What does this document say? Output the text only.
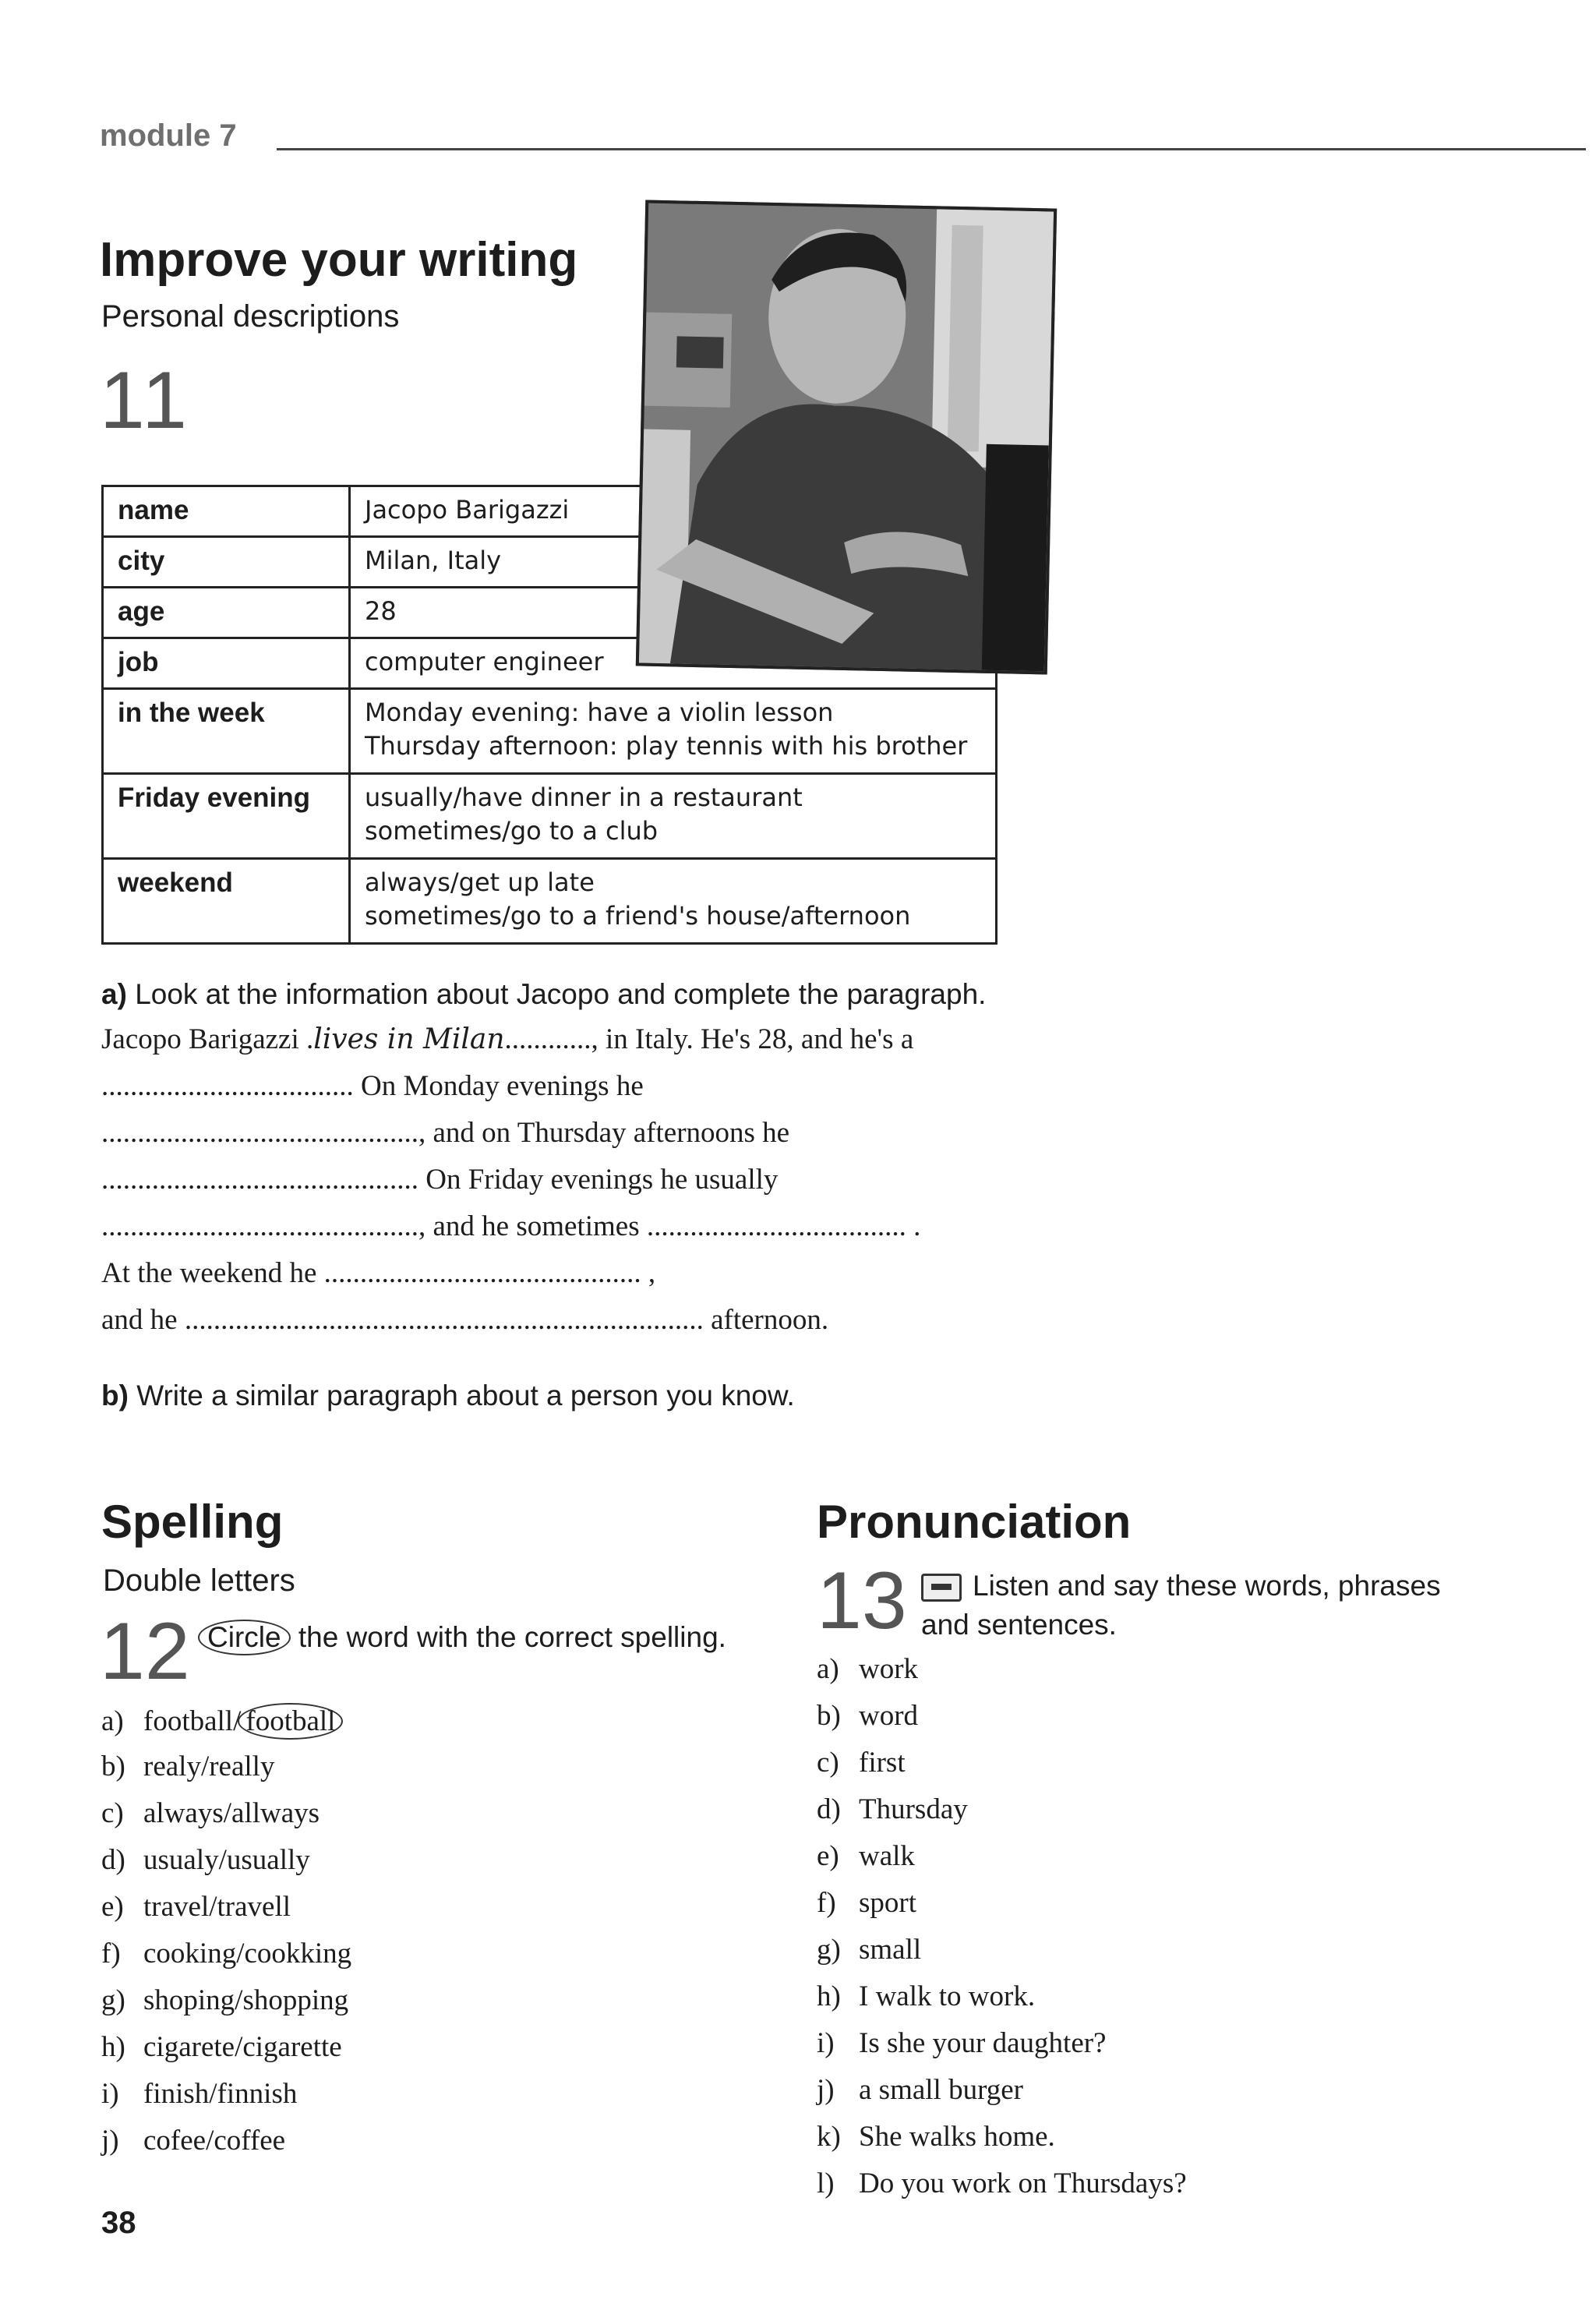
module 7
Improve your writing
Personal descriptions
11
name	Jacopo Barigazzi

city	Milan, Italy

age	28

job	computer engineer

in the week	Monday evening: have a violin lesson
Thursday afternoon: play tennis with his brother

Friday evening	usually/have dinner in a restaurant
sometimes/go to a club

weekend	always/get up late
sometimes/go to a friend's house/afternoon
a) Look at the information about Jacopo and complete the paragraph.
Jacopo Barigazzi .lives in Milan............, in Italy. He's 28, and he's a
................................... On Monday evenings he
............................................, and on Thursday afternoons he
............................................ On Friday evenings he usually
............................................, and he sometimes .................................... .
At the weekend he ............................................ ,
and he ........................................................................ afternoon.
b) Write a similar paragraph about a person you know.
Spelling
Double letters
12 Circle the word with the correct spelling.
a) football/ football
b) realy/really
c) always/allways
d) usualy/usually
e) travel/travell
f) cooking/cookking
g) shoping/shopping
h) cigarete/cigarette
i) finish/finnish
j) cofee/coffee
Pronunciation
13	Listen and say these words, phrases
and sentences.
a) work
b) word
c) first
d) Thursday
e) walk
f) sport
g) small
h) I walk to work.
i) Is she your daughter?
j) a small burger
k) She walks home.
l) Do you work on Thursdays?
38
